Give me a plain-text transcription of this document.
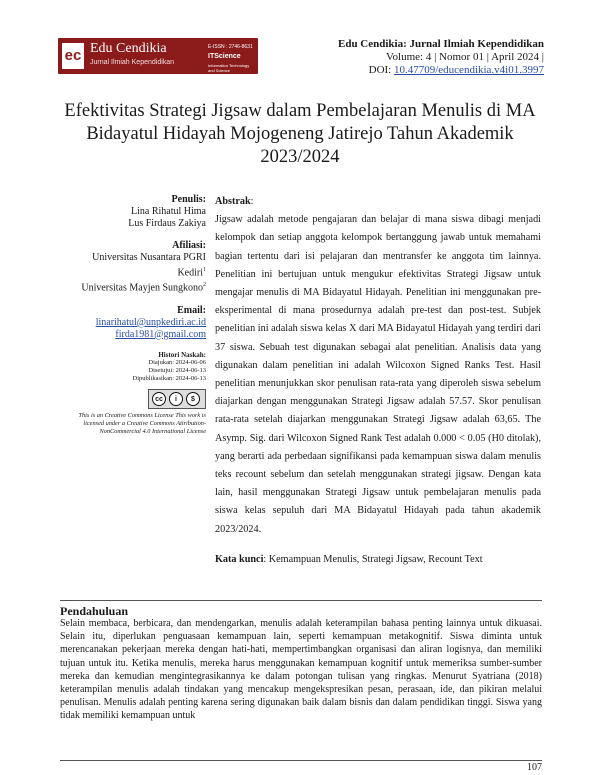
ec Edu Cendikia
Jurnal Ilmiah Kependidikan
E-ISSN : 2746-8631
ITScience
Information Technology and Science
Edu Cendikia: Jurnal Ilmiah Kependidikan
Volume: 4 | Nomor 01 | April 2024 |
DOI: 10.47709/educendikia.v4i01.3997
Efektivitas Strategi Jigsaw dalam Pembelajaran Menulis di MA Bidayatul Hidayah Mojogeneng Jatirejo Tahun Akademik 2023/2024
Penulis:
Lina Rihatul Hima
Lus Firdaus Zakiya
Afiliasi:
Universitas Nusantara PGRI
Kediri$^1$
Universitas Mayjen Sungkono$^2$
Email:
linarihatul@unpkediri.ac.id
firda1981@gmail.com
Histori Naskah:
Diajukan: 2024-06-06
Disetujui: 2024-06-13
Dipublikasikan: 2024-06-13
cc	i	$
This is an Creative Commons License This work is licensed under a Creative Commons Attribution-NonCommercial 4.0 International License
Abstrak:

Jigsaw adalah metode pengajaran dan belajar di mana siswa dibagi menjadi kelompok dan setiap anggota kelompok bertanggung jawab untuk memahami bagian tertentu dari isi pelajaran dan mentransfer ke anggota tim lainnya. Penelitian ini bertujuan untuk mengukur efektivitas Strategi Jigsaw untuk mengajar menulis di MA Bidayatul Hidayah. Penelitian ini menggunakan pre-eksperimental di mana prosedurnya adalah pre-test dan post-test. Subjek penelitian ini adalah siswa kelas X dari MA Bidayatul Hidayah yang terdiri dari 37 siswa. Sebuah test digunakan sebagai alat penelitian. Analisis data yang digunakan dalam penelitian ini adalah Wilcoxon Signed Ranks Test. Hasil penelitian menunjukkan skor penulisan rata-rata yang diperoleh siswa sebelum diajarkan dengan menggunakan Strategi Jigsaw adalah 57.57. Skor penulisan rata-rata setelah diajarkan menggunakan Strategi Jigsaw adalah 63,65. The Asymp. Sig. dari Wilcoxon Signed Rank Test adalah 0.000 < 0.05 (H0 ditolak), yang berarti ada perbedaan signifikansi pada kemampuan siswa dalam menulis teks recount sebelum dan setelah menggunakan strategi jigsaw. Dengan kata lain, hasil menggunakan Strategi Jigsaw untuk pembelajaran menulis pada siswa kelas sepuluh dari MA Bidayatul Hidayah pada tahun akademik 2023/2024.

Kata kunci: Kemampuan Menulis, Strategi Jigsaw, Recount Text
Pendahuluan

Selain membaca, berbicara, dan mendengarkan, menulis adalah keterampilan bahasa penting lainnya untuk dikuasai. Selain itu, diperlukan penguasaan kemampuan lain, seperti kemampuan metakognitif. Siswa diminta untuk merencanakan pekerjaan mereka dengan hati-hati, mempertimbangkan organisasi dan aliran logisnya, dan memiliki tujuan untuk itu. Ketika menulis, mereka harus menggunakan kemampuan kognitif untuk memeriksa sumber-sumber mereka dan kemudian mengintegrasikannya ke dalam potongan tulisan yang ringkas. Menurut Syatriana (2018) keterampilan menulis adalah tindakan yang mencakup mengekspresikan pesan, perasaan, ide, dan pikiran melalui penulisan. Menulis adalah penting karena sering digunakan baik dalam bisnis dan dalam pendidikan tinggi. Siswa yang tidak memiliki kemampuan untuk

107
